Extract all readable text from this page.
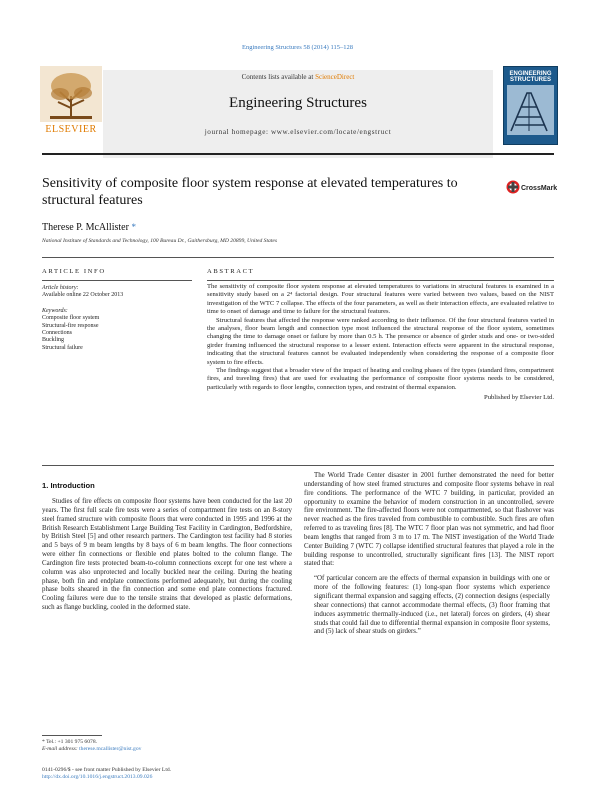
Engineering Structures 58 (2014) 115–128
Contents lists available at ScienceDirect
Engineering Structures
journal homepage: www.elsevier.com/locate/engstruct
ELSEVIER
ENGINEERING STRUCTURES
Sensitivity of composite floor system response at elevated temperatures to structural features
CrossMark
Therese P. McAllister *
National Institute of Standards and Technology, 100 Bureau Dr., Gaithersburg, MD 20899, United States
ARTICLE INFO	ABSTRACT
Article history:
Available online 22 October 2013
Keywords:
Composite floor system
Structural-fire response
Connections
Buckling
Structural failure

The sensitivity of composite floor system response at elevated temperatures to variations in structural features is examined in a sensitivity study based on a 2⁴ factorial design. Four structural features were varied between two values, based on the NIST investigation of the WTC 7 collapse. The effects of the four parameters, as well as their interaction effects, are evaluated relative to time to onset of damage and time to failure for the structural features.

Structural features that affected the response were ranked according to their influence. Of the four structural features varied in the analyses, floor beam length and connection type most influenced the structural response of the floor system, sometimes changing the time to damage onset or failure by more than 0.5 h. The presence or absence of girder studs and one- or two-sided girder framing influenced the structural response to a lesser extent. Interaction effects were apparent in the structural response, indicating that the structural features cannot be evaluated independently when considering the response of a composite floor system to fire effects.

The findings suggest that a broader view of the impact of heating and cooling phases of fire types (standard fires, compartment fires, and traveling fires) that are used for evaluating the performance of composite floor systems needs to be considered, particularly with regards to floor lengths, connection types, and restraint of thermal expansion.

Published by Elsevier Ltd.
1. Introduction

Studies of fire effects on composite floor systems have been conducted for the last 20 years. The first full scale fire tests were a series of compartment fire tests on an 8-story steel framed structure with composite floors that were conducted in 1995 and 1996 at the British Research Establishment Large Building Test Facility in Cardington, Bedfordshire, by British Steel [5] and other research partners. The Cardington test facility had 8 stories and 5 bays of 9 m beam lengths by 8 bays of 6 m beam lengths. The floor connections were either fin connections or flexible end plates bolted to the column flange. The Cardington fire tests protected beam-to-column connections except for one test where a column was also unprotected and locally buckled near the ceiling. During the heating phase, both fin and endplate connections performed adequately, but during the cooling phase bolts sheared in the fin connection and some end plate connections fractured. Cooling failures were due to the tensile strains that developed as plastic deformations, such as flange buckling, cooled in the deformed state.

The World Trade Center disaster in 2001 further demonstrated the need for better understanding of how steel framed structures and composite floor systems behave in real fire conditions. The performance of the WTC 7 building, in particular, provided an opportunity to examine the behavior of modern construction in an uncontrolled, severe fire environment. The fire-affected floors were not compartmented, so that flashover was never reached as the fires traveled from combustible to combustible. Such fires are often referred to as traveling fires [8]. The WTC 7 floor plan was not symmetric, and had floor beam lengths that ranged from 3 m to 17 m. The NIST investigation of the World Trade Center Building 7 (WTC 7) collapse identified structural features that played a role in the building response to uncontrolled, structurally significant fires [13]. The NIST report stated that:

“Of particular concern are the effects of thermal expansion in buildings with one or more of the following features: (1) long-span floor systems which experience significant thermal expansion and sagging effects, (2) connection designs (especially shear connections) that cannot accommodate thermal effects, (3) floor framing that induces asymmetric thermally-induced (i.e., net lateral) forces on girders, (4) shear studs that could fail due to differential thermal expansion in composite floor systems, and (5) lack of shear studs on girders.”
* Tel.: +1 301 975 6078.
E-mail address: therese.mcallister@nist.gov
0141-0296/$ - see front matter Published by Elsevier Ltd.
http://dx.doi.org/10.1016/j.engstruct.2013.09.026
